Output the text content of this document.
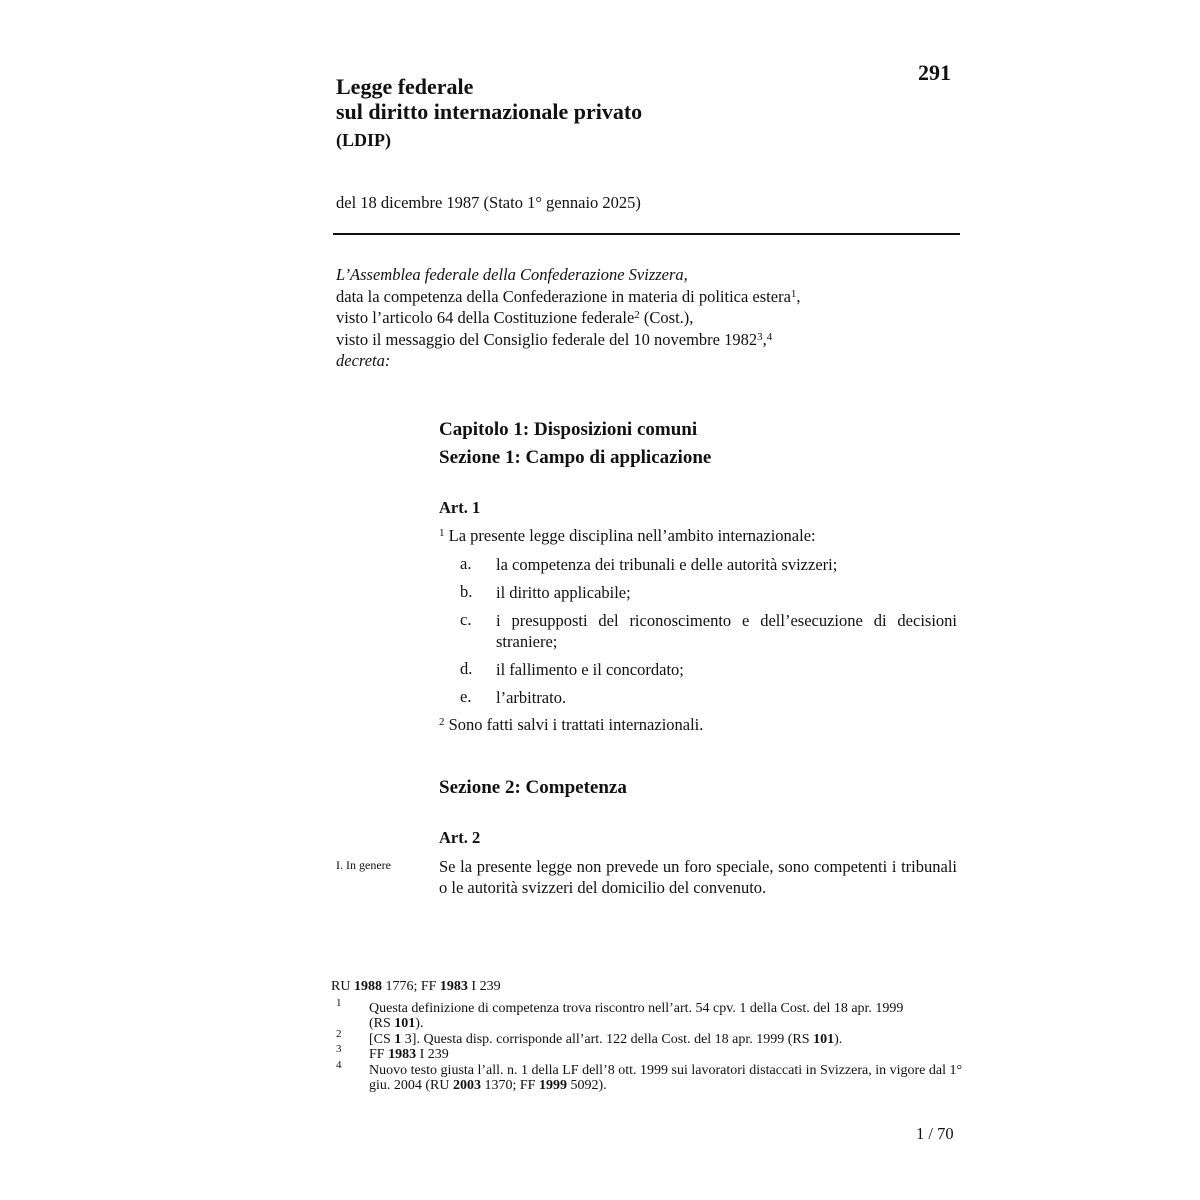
291
Legge federale
sul diritto internazionale privato
(LDIP)
del 18 dicembre 1987 (Stato 1° gennaio 2025)
L’Assemblea federale della Confederazione Svizzera,
data la competenza della Confederazione in materia di politica estera$^1$,
visto l’articolo 64 della Costituzione federale$^2$ (Cost.),
visto il messaggio del Consiglio federale del 10 novembre 1982$^3$,$^4$
decreta:
Capitolo 1: Disposizioni comuni
Sezione 1: Campo di applicazione
Art. 1
$^1$ La presente legge disciplina nell’ambito internazionale:
a. la competenza dei tribunali e delle autorità svizzeri;
b. il diritto applicabile;
c. i presupposti del riconoscimento e dell’esecuzione di decisioni straniere;
d. il fallimento e il concordato;
e. l’arbitrato.
$^2$ Sono fatti salvi i trattati internazionali.
Sezione 2: Competenza
Art. 2
I. In genere	Se la presente legge non prevede un foro speciale, sono competenti i tribunali o le autorità svizzeri del domicilio del convenuto.
RU 1988 1776; FF 1983 I 239
1 Questa definizione di competenza trova riscontro nell’art. 54 cpv. 1 della Cost. del 18 apr. 1999 (RS 101).
2 [CS 1 3]. Questa disp. corrisponde all’art. 122 della Cost. del 18 apr. 1999 (RS 101).
3 FF 1983 I 239
4 Nuovo testo giusta l’all. n. 1 della LF dell’8 ott. 1999 sui lavoratori distaccati in Svizzera, in vigore dal 1° giu. 2004 (RU 2003 1370; FF 1999 5092).
1 / 70
